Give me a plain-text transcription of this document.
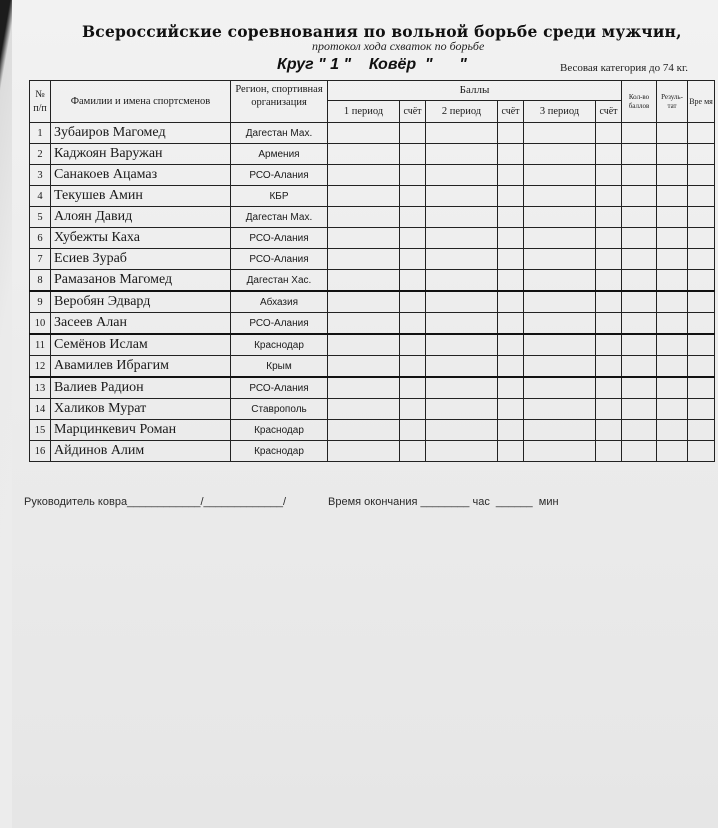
Всероссийские соревнования по вольной борьбе среди мужчин,
протокол хода схваток по борьбе
Круг " 1 "    Ковёр  "      "	Весовая категория до 74 кг.
№
п/п	Фамилии и имена спортсменов	Регион, спортивная организация	Баллы						Кол-во баллов	Резуль-тат	Вре мя
			1 период	счёт	2 период	счёт	3 период	счёт			
1	Зубаиров Магомед	Дагестан Мах.									
2	Каджоян Варужан	Армения									
3	Санакоев Ацамаз	РСО-Алания									
4	Текушев Амин	КБР									
5	Алоян Давид	Дагестан Мах.									
6	Хубежты Каха	РСО-Алания									
7	Есиев Зураб	РСО-Алания									
8	Рамазанов Магомед	Дагестан Хас.									
9	Веробян Эдвард	Абхазия									
10	Засеев Алан	РСО-Алания									
11	Семёнов Ислам	Краснодар									
12	Авамилев Ибрагим	Крым									
13	Валиев Радион	РСО-Алания									
14	Халиков Мурат	Ставрополь									
15	Марцинкевич Роман	Краснодар									
16	Айдинов Алим	Краснодар									
Руководитель ковра____________/_____________/	Время окончания ________ час  ______  мин
